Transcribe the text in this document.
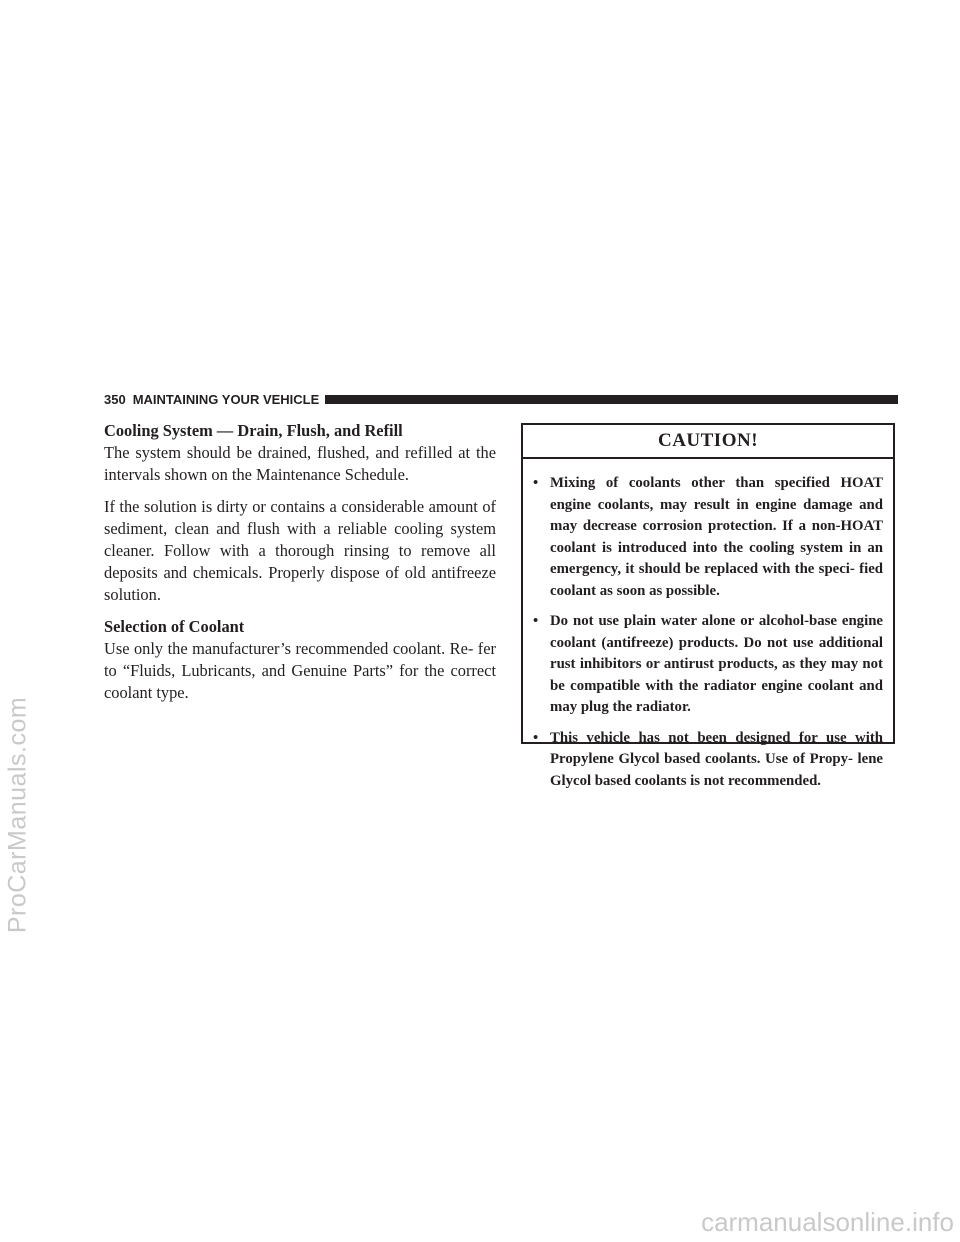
ProCarManuals.com
carmanualsonline.info
350 MAINTAINING YOUR VEHICLE
Cooling System — Drain, Flush, and Refill

The system should be drained, flushed, and refilled at the intervals shown on the Maintenance Schedule.

If the solution is dirty or contains a considerable amount of sediment, clean and flush with a reliable cooling system cleaner. Follow with a thorough rinsing to remove all deposits and chemicals. Properly dispose of old antifreeze solution.

Selection of Coolant

Use only the manufacturer’s recommended coolant. Re- fer to “Fluids, Lubricants, and Genuine Parts” for the correct coolant type.

CAUTION!
• Mixing of coolants other than specified HOAT engine coolants, may result in engine damage and may decrease corrosion protection. If a non-HOAT coolant is introduced into the cooling system in an emergency, it should be replaced with the speci- fied coolant as soon as possible.
• Do not use plain water alone or alcohol-base engine coolant (antifreeze) products. Do not use additional rust inhibitors or antirust products, as they may not be compatible with the radiator engine coolant and may plug the radiator.
• This vehicle has not been designed for use with Propylene Glycol based coolants. Use of Propy- lene Glycol based coolants is not recommended.
